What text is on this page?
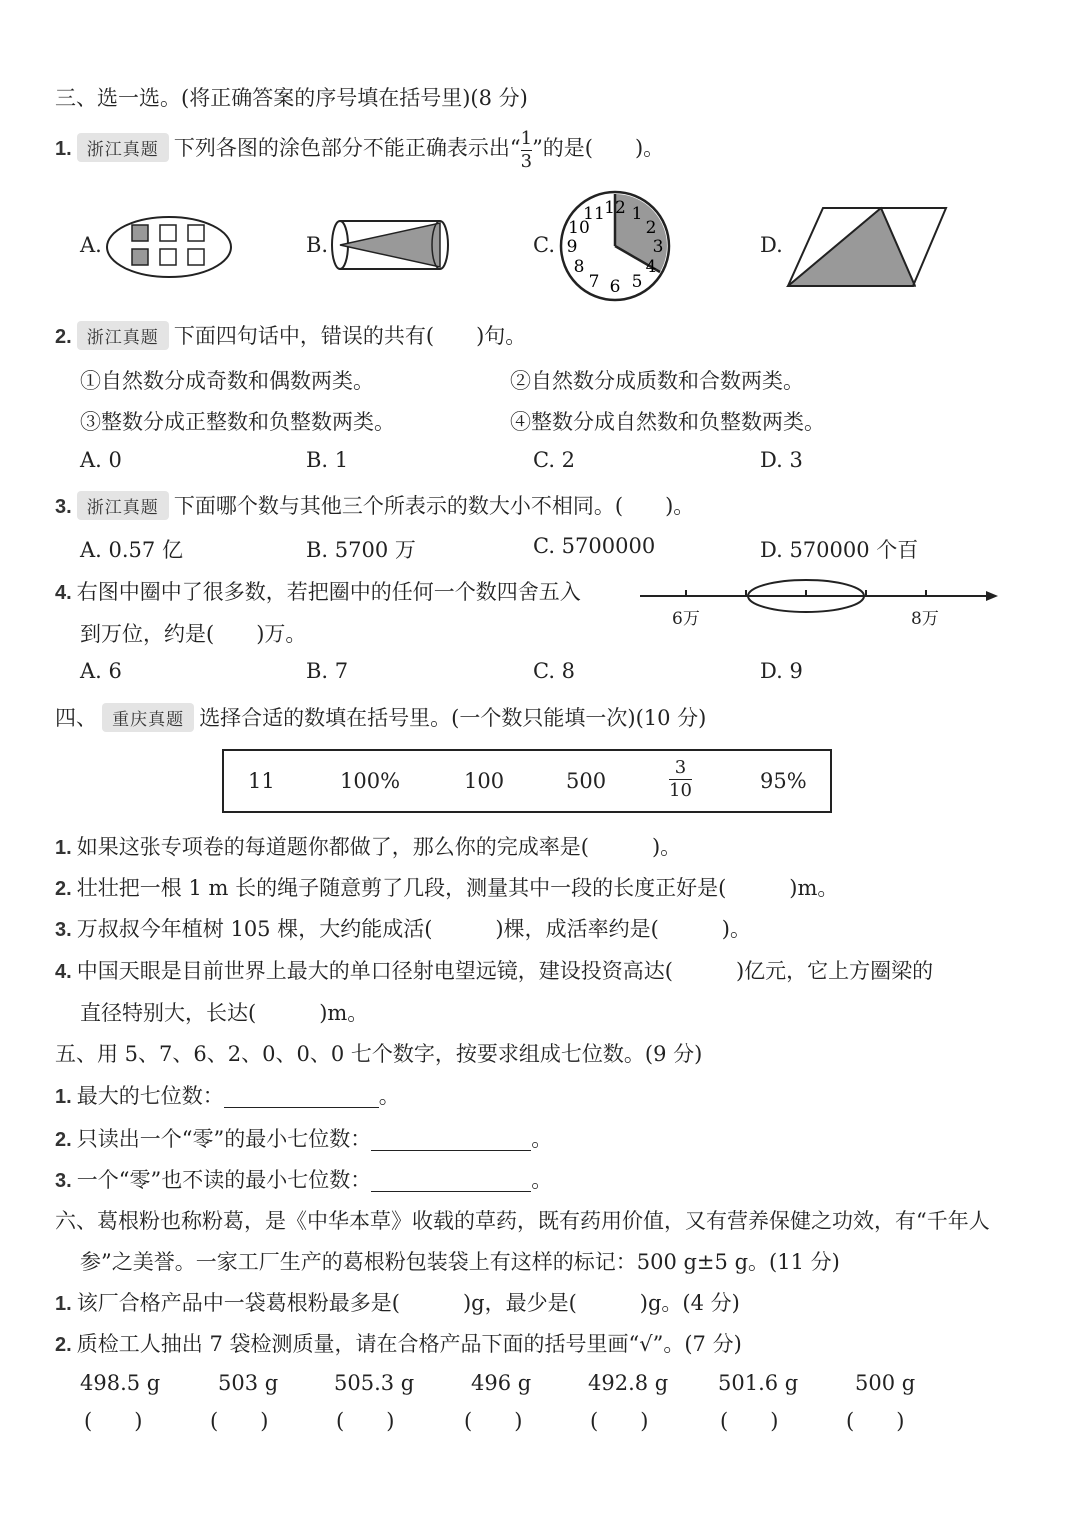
三、选一选。(将正确答案的序号填在括号里)(8 分)
1. 浙江真题 下列各图的涂色部分不能正确表示出“ $\frac{1}{3}$ ”的是(　　)。
A.	B.	C.	D.
12 1
2
3
4
5
6
7
8
9
10
11
2. 浙江真题 下面四句话中，错误的共有(　　)句。
①自然数分成奇数和偶数两类。	②自然数分成质数和合数两类。
③整数分成正整数和负整数两类。	④整数分成自然数和负整数两类。
A. 0	B. 1	C. 2	D. 3
3. 浙江真题 下面哪个数与其他三个所表示的数大小不相同。(　　)。
A. 0.57 亿	B. 5700 万	C. 5700000	D. 570000 个百
4. 右图中圈中了很多数，若把圈中的任何一个数四舍五入
到万位，约是(　　)万。
6万	8万
A. 6	B. 7	C. 8	D. 9
四、 重庆真题 选择合适的数填在括号里。(一个数只能填一次)(10 分)
11	100%	100	500
3
10	95%
1. 如果这张专项卷的每道题你都做了，那么你的完成率是(　　　)。
2. 壮壮把一根 1 m 长的绳子随意剪了几段，测量其中一段的长度正好是(　　　)m。
3. 万叔叔今年植树 105 棵，大约能成活(　　　)棵，成活率约是(　　　)。
4. 中国天眼是目前世界上最大的单口径射电望远镜，建设投资高达(　　　)亿元，它上方圈梁的
直径特别大，长达(　　　)m。
五、用 5、7、6、2、0、0、0 七个数字，按要求组成七位数。(9 分)
1. 最大的七位数：	。
2. 只读出一个“零”的最小七位数：	。
3. 一个“零”也不读的最小七位数：	。
六、葛根粉也称粉葛，是《中华本草》收载的草药，既有药用价值，又有营养保健之功效，有“千年人
参”之美誉。一家工厂生产的葛根粉包装袋上有这样的标记：500 g±5 g。(11 分)
1. 该厂合格产品中一袋葛根粉最多是(　　　)g，最少是(　　　)g。(4 分)
2. 质检工人抽出 7 袋检测质量，请在合格产品下面的括号里画“√”。(7 分)
498.5 g	503 g	505.3 g	496 g	492.8 g 501.6 g	500 g
(　　)	(　　)	(　　)	(　　)	(　　)	(　　)	(　　)
